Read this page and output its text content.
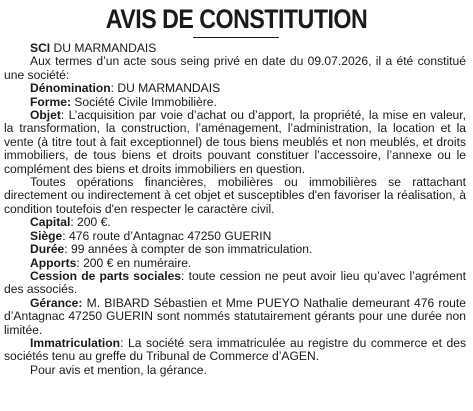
AVIS DE CONSTITUTION

SCI DU MARMANDAIS

Aux termes d’un acte sous seing privé en date du 09.07.2026, il a été constitué une société:

Dénomination: DU MARMANDAIS

Forme: Société Civile Immobilière.

Objet: L’acquisition par voie d’achat ou d’apport, la propriété, la mise en valeur, la transformation, la construction, l’aménagement, l’administration, la location et la vente (à titre tout à fait exceptionnel) de tous biens meublés et non meublés, et droits immobiliers, de tous biens et droits pouvant constituer l’accessoire, l’annexe ou le complément des biens et droits immobiliers en question.

Toutes opérations financières, mobilières ou immobilières se rattachant directement ou indirectement à cet objet et susceptibles d'en favoriser la réalisation, à condition toutefois d'en respecter le caractère civil.

Capital: 200 €.

Siège: 476 route d’Antagnac 47250 GUERIN

Durée: 99 années à compter de son immatriculation.

Apports: 200 € en numéraire.

Cession de parts sociales: toute cession ne peut avoir lieu qu’avec l’agrément des associés.

Gérance: M. BIBARD Sébastien et Mme PUEYO Nathalie demeurant 476 route d’Antagnac 47250 GUERIN sont nommés statutairement gérants pour une durée non limitée.

Immatriculation: La société sera immatriculée au registre du commerce et des sociétés tenu au greffe du Tribunal de Commerce d’AGEN.

Pour avis et mention, la gérance.
